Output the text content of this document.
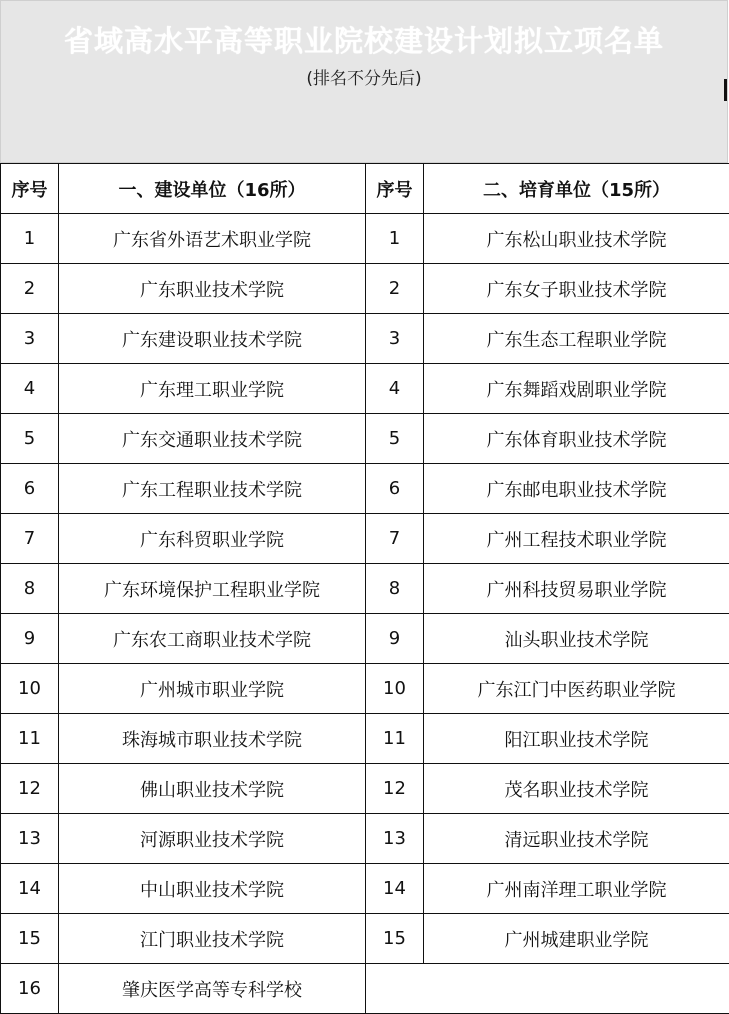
省域高水平高等职业院校建设计划拟立项名单
(排名不分先后)
序号	一、建设单位（16所）	序号	二、培育单位（15所）
1	广东省外语艺术职业学院	1	广东松山职业技术学院
2	广东职业技术学院	2	广东女子职业技术学院
3	广东建设职业技术学院	3	广东生态工程职业学院
4	广东理工职业学院	4	广东舞蹈戏剧职业学院
5	广东交通职业技术学院	5	广东体育职业技术学院
6	广东工程职业技术学院	6	广东邮电职业技术学院
7	广东科贸职业学院	7	广州工程技术职业学院
8	广东环境保护工程职业学院	8	广州科技贸易职业学院
9	广东农工商职业技术学院	9	汕头职业技术学院
10	广州城市职业学院	10	广东江门中医药职业学院
11	珠海城市职业技术学院	11	阳江职业技术学院
12	佛山职业技术学院	12	茂名职业技术学院
13	河源职业技术学院	13	清远职业技术学院
14	中山职业技术学院	14	广州南洋理工职业学院
15	江门职业技术学院	15	广州城建职业学院
16	肇庆医学高等专科学校		
